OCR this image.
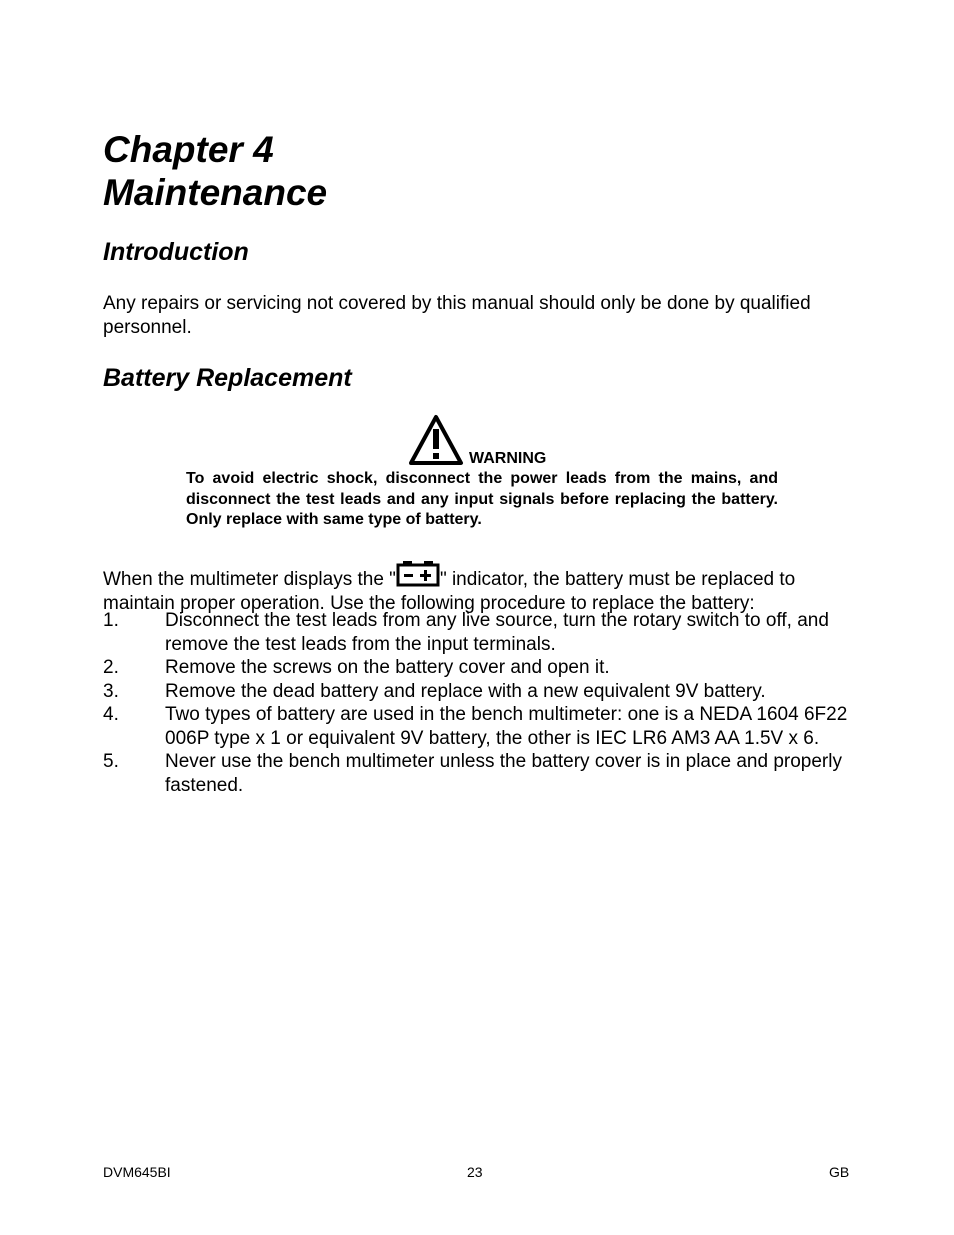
Chapter 4
Maintenance
Introduction

Any repairs or servicing not covered by this manual should only be done by qualified personnel.

Battery Replacement
WARNING

To avoid electric shock, disconnect the power leads from the mains, and disconnect the test leads and any input signals before replacing the battery. Only replace with same type of battery.

When the multimeter displays the " " indicator, the battery must be replaced to maintain proper operation. Use the following procedure to replace the battery:

1.	Disconnect the test leads from any live source, turn the rotary switch to off, and remove the test leads from the input terminals.
2.	Remove the screws on the battery cover and open it.
3.	Remove the dead battery and replace with a new equivalent 9V battery.
4.	Two types of battery are used in the bench multimeter: one is a NEDA 1604 6F22 006P type x 1 or equivalent 9V battery, the other is IEC LR6 AM3 AA 1.5V x 6.
5.	Never use the bench multimeter unless the battery cover is in place and properly fastened.
DVM645BI	23	GB
